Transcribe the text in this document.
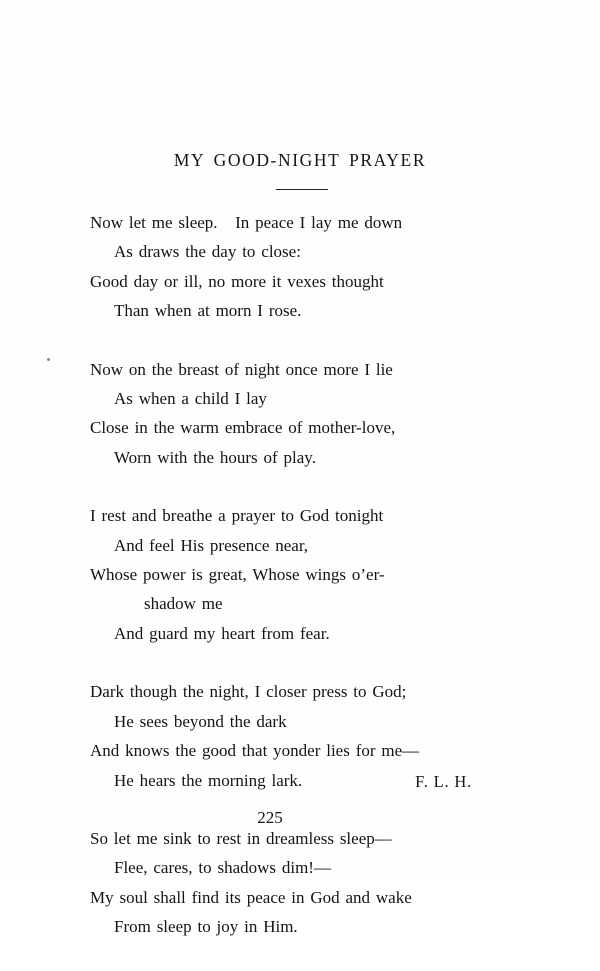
MY GOOD-NIGHT PRAYER
Now let me sleep.   In peace I lay me down
As draws the day to close:
Good day or ill, no more it vexes thought
Than when at morn I rose.
Now on the breast of night once more I lie
As when a child I lay
Close in the warm embrace of mother-love,
Worn with the hours of play.
I rest and breathe a prayer to God tonight
And feel His presence near,
Whose power is great, Whose wings o’er-
shadow me
And guard my heart from fear.
Dark though the night, I closer press to God;
He sees beyond the dark
And knows the good that yonder lies for me—
He hears the morning lark.
So let me sink to rest in dreamless sleep—
Flee, cares, to shadows dim!—
My soul shall find its peace in God and wake
From sleep to joy in Him.
F. L. H.
225
